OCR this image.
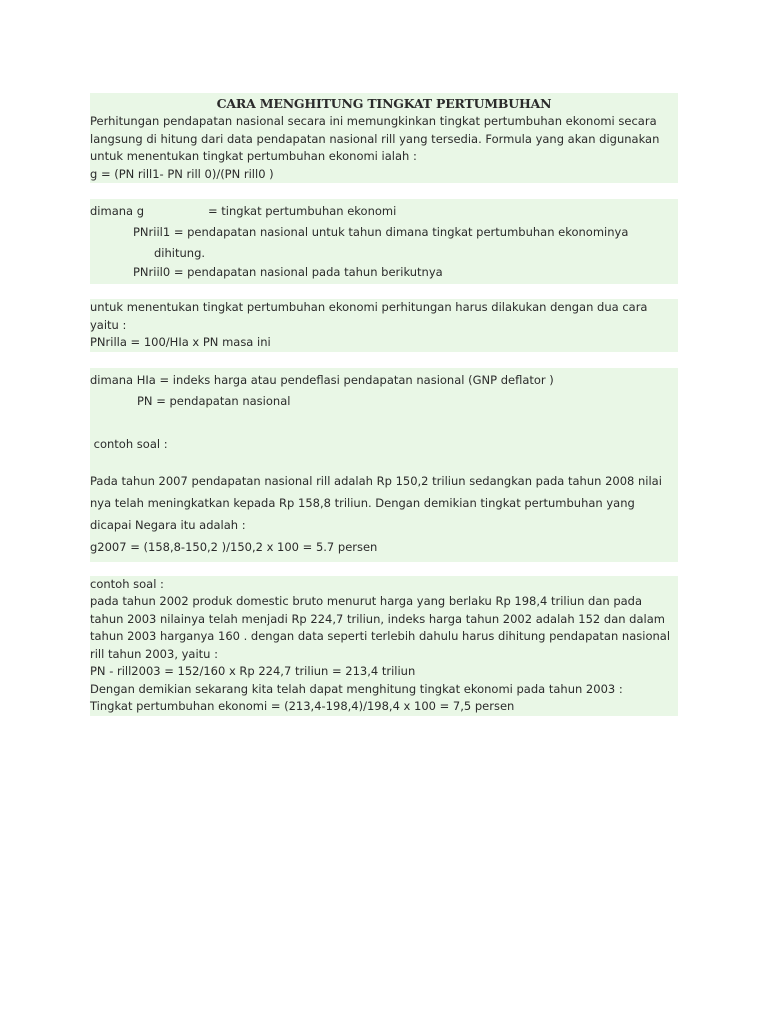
CARA MENGHITUNG TINGKAT PERTUMBUHAN
Perhitungan pendapatan nasional secara ini memungkinkan tingkat pertumbuhan ekonomi secara
langsung di hitung dari data pendapatan nasional rill yang tersedia. Formula yang akan digunakan
untuk menentukan tingkat pertumbuhan ekonomi ialah :
g = (PN rill1- PN rill 0)/(PN rill0 )
dimana g	= tingkat pertumbuhan ekonomi
PNriil1 = pendapatan nasional untuk tahun dimana tingkat pertumbuhan ekonominya
dihitung.
PNriil0 = pendapatan nasional pada tahun berikutnya
untuk menentukan tingkat pertumbuhan ekonomi perhitungan harus dilakukan dengan dua cara
yaitu :
PNrilla = 100/HIa x PN masa ini
dimana HIa = indeks harga atau pendeflasi pendapatan nasional (GNP deflator )
PN = pendapatan nasional
contoh soal :
Pada tahun 2007 pendapatan nasional rill adalah Rp 150,2 triliun sedangkan pada tahun 2008 nilai
nya telah meningkatkan kepada Rp 158,8 triliun. Dengan demikian tingkat pertumbuhan yang
dicapai Negara itu adalah :
g2007 = (158,8-150,2 )/150,2 x 100 = 5.7 persen
contoh soal :
pada tahun 2002 produk domestic bruto menurut harga yang berlaku Rp 198,4 triliun dan pada
tahun 2003 nilainya telah menjadi Rp 224,7 triliun, indeks harga tahun 2002 adalah 152 dan dalam
tahun 2003 harganya 160 . dengan data seperti terlebih dahulu harus dihitung pendapatan nasional
rill tahun 2003, yaitu :
PN - rill2003 = 152/160 x Rp 224,7 triliun = 213,4 triliun
Dengan demikian sekarang kita telah dapat menghitung tingkat ekonomi pada tahun 2003 :
Tingkat pertumbuhan ekonomi = (213,4-198,4)/198,4 x 100 = 7,5 persen
